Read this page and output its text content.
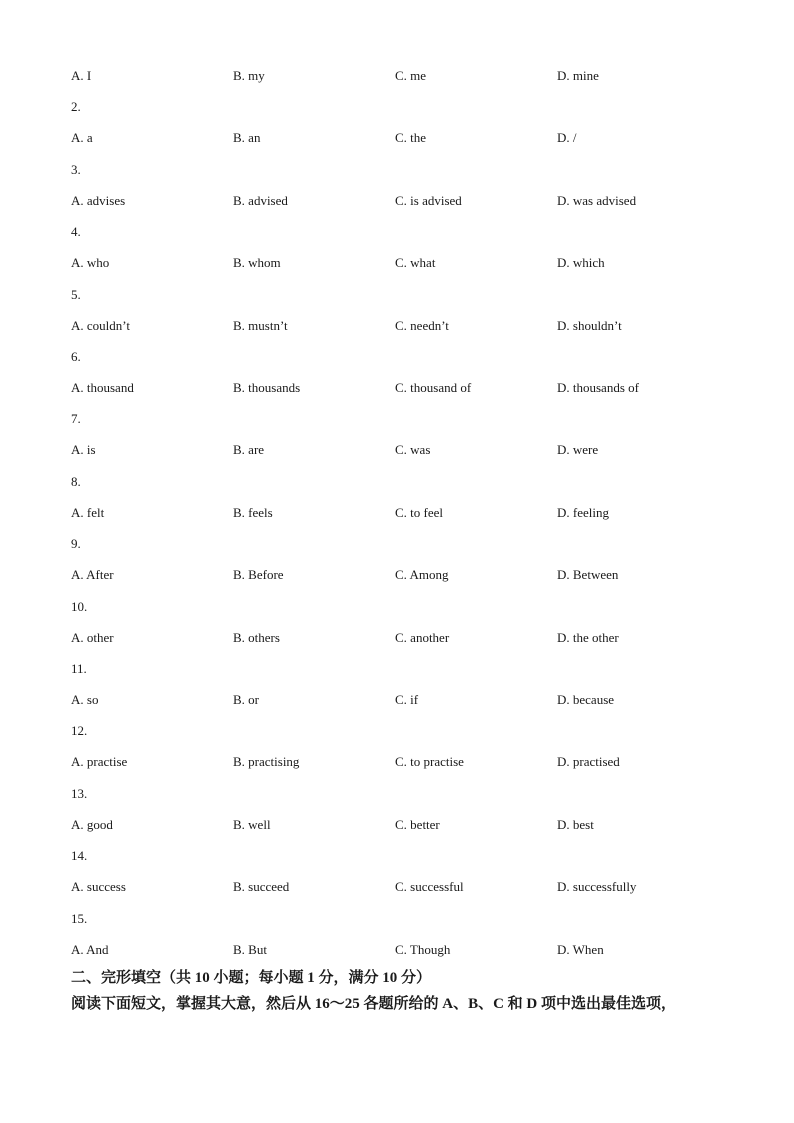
A. I	B. my	C. me	D. mine
2.
A. a	B. an	C. the	D. /
3.
A. advises	B. advised	C. is advised	D. was advised
4.
A. who	B. whom	C. what	D. which
5.
A. couldn’t	B. mustn’t	C. needn’t	D. shouldn’t
6.
A. thousand	B. thousands	C. thousand of	D. thousands of
7.
A. is	B. are	C. was	D. were
8.
A. felt	B. feels	C. to feel	D. feeling
9.
A. After	B. Before	C. Among	D. Between
10.
A. other	B. others	C. another	D. the other
11.
A. so	B. or	C. if	D. because
12.
A. practise	B. practising	C. to practise	D. practised
13.
A. good	B. well	C. better	D. best
14.
A. success	B. succeed	C. successful	D. successfully
15.
A. And	B. But	C. Though	D. When
二、完形填空（共 10 小题；每小题 1 分，满分 10 分）
阅读下面短文，掌握其大意，然后从 16～25 各题所给的 A、B、C 和 D 项中选出最佳选项，
